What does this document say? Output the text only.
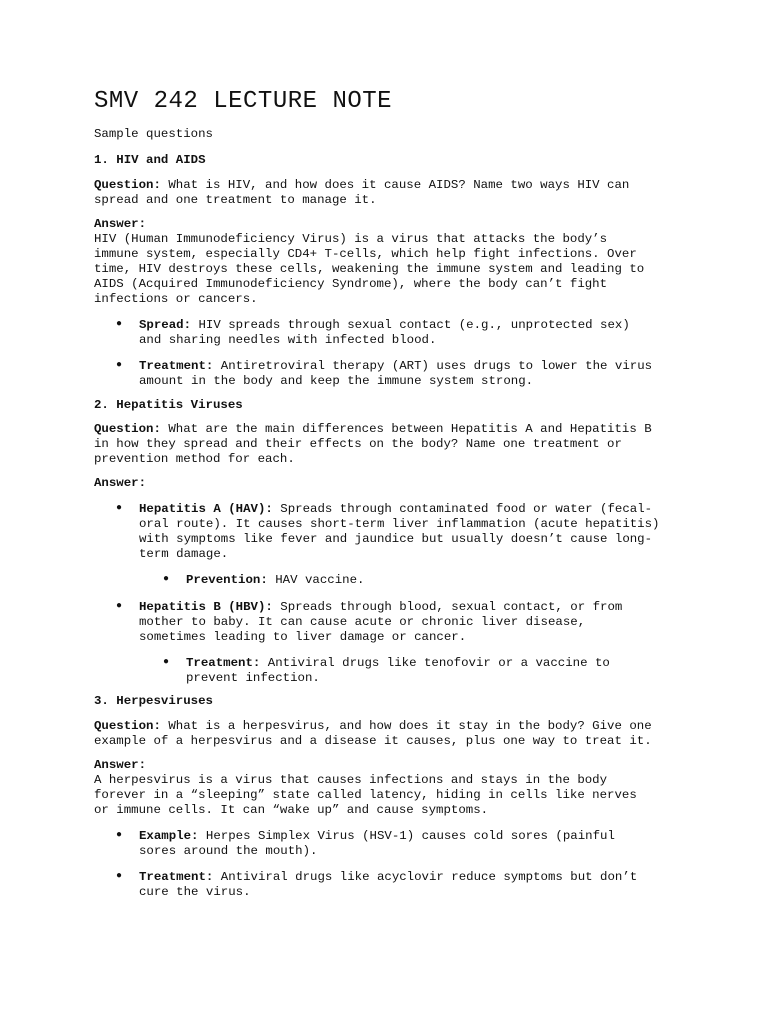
SMV 242 LECTURE NOTE

Sample questions

1. HIV and AIDS

Question: What is HIV, and how does it cause AIDS? Name two ways HIV can

spread and one treatment to manage it.

Answer:

HIV (Human Immunodeficiency Virus) is a virus that attacks the body’s

immune system, especially CD4+ T-cells, which help fight infections. Over

time, HIV destroys these cells, weakening the immune system and leading to

AIDS (Acquired Immunodeficiency Syndrome), where the body can’t fight

infections or cancers.

● Spread: HIV spreads through sexual contact (e.g., unprotected sex)

and sharing needles with infected blood.

● Treatment: Antiretroviral therapy (ART) uses drugs to lower the virus

amount in the body and keep the immune system strong.

2. Hepatitis Viruses

Question: What are the main differences between Hepatitis A and Hepatitis B

in how they spread and their effects on the body? Name one treatment or

prevention method for each.

Answer:

● Hepatitis A (HAV): Spreads through contaminated food or water (fecal-

oral route). It causes short-term liver inflammation (acute hepatitis)

with symptoms like fever and jaundice but usually doesn’t cause long-

term damage.

● Prevention: HAV vaccine.

● Hepatitis B (HBV): Spreads through blood, sexual contact, or from

mother to baby. It can cause acute or chronic liver disease,

sometimes leading to liver damage or cancer.

● Treatment: Antiviral drugs like tenofovir or a vaccine to

prevent infection.

3. Herpesviruses

Question: What is a herpesvirus, and how does it stay in the body? Give one

example of a herpesvirus and a disease it causes, plus one way to treat it.

Answer:

A herpesvirus is a virus that causes infections and stays in the body

forever in a “sleeping” state called latency, hiding in cells like nerves

or immune cells. It can “wake up” and cause symptoms.

● Example: Herpes Simplex Virus (HSV-1) causes cold sores (painful

sores around the mouth).

● Treatment: Antiviral drugs like acyclovir reduce symptoms but don’t

cure the virus.
